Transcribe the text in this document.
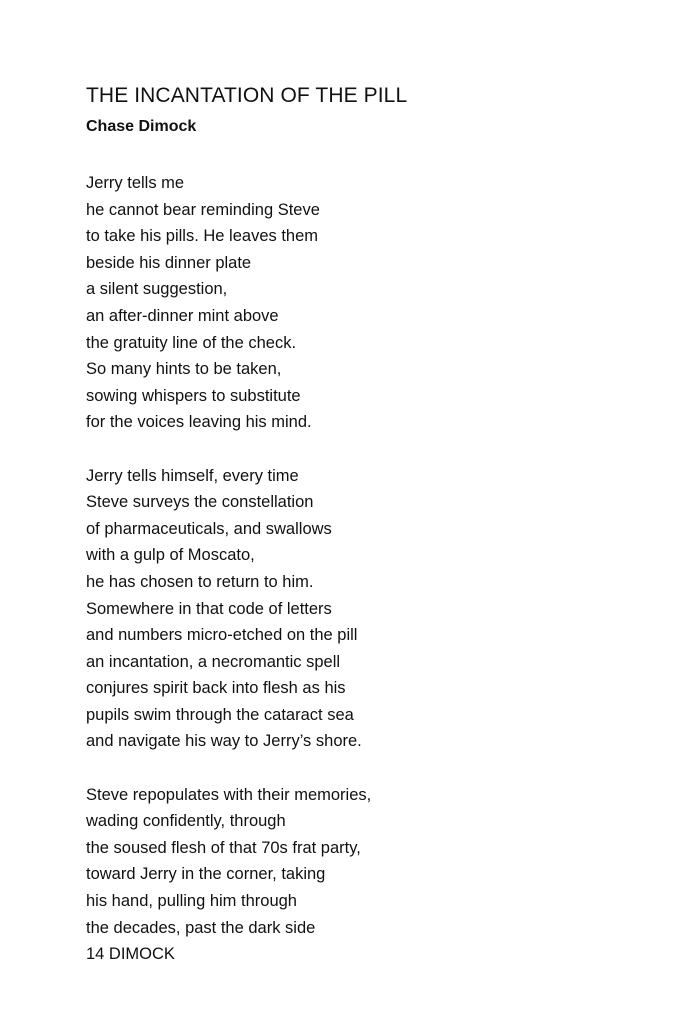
THE INCANTATION OF THE PILL
Chase Dimock
Jerry tells me
he cannot bear reminding Steve
to take his pills. He leaves them
beside his dinner plate
a silent suggestion,
an after-dinner mint above
the gratuity line of the check.
So many hints to be taken,
sowing whispers to substitute
for the voices leaving his mind.
Jerry tells himself, every time
Steve surveys the constellation
of pharmaceuticals, and swallows
with a gulp of Moscato,
he has chosen to return to him.
Somewhere in that code of letters
and numbers micro-etched on the pill
an incantation, a necromantic spell
conjures spirit back into flesh as his
pupils swim through the cataract sea
and navigate his way to Jerry’s shore.
Steve repopulates with their memories,
wading confidently, through
the soused flesh of that 70s frat party,
toward Jerry in the corner, taking
his hand, pulling him through
the decades, past the dark side
14 DIMOCK
